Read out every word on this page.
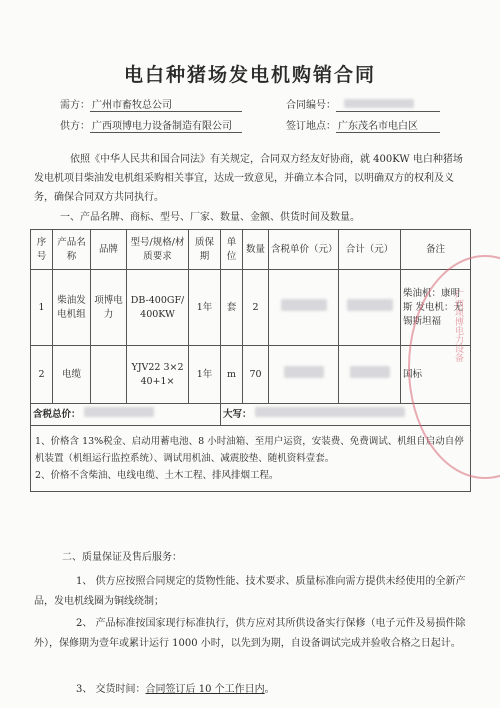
电白种猪场发电机购销合同
需方： 广州市畜牧总公司	合同编号：
供方： 广西项博电力设备制造有限公司	签订地点： 广东茂名市电白区
依照《中华人民共和国合同法》有关规定，合同双方经友好协商，就 400KW 电白种猪场发电机项目柴油发电机组采购相关事宜，达成一致意见，并确立本合同，以明确双方的权利及义务，确保合同双方共同执行。
一、产品名牌、商标、型号、厂家、数量、金额、供货时间及数量。
序号	产品名称	品牌	型号/规格/材质要求	质保期	单位	数量	含税单价（元）	合计（元）	备注
1	柴油发电机组	项博电力	DB-400GF/400KW	1年	套	2			柴油机：康明斯 发电机：无锡斯坦福
2	电缆		YJV22 3×240+1×	1年	m	70			国标
含税总价：					大写：				

1、价格含 13%税金、启动用蓄电池、8 小时油箱、至用户运资，安装费、免费调试、机组自启动自停机装置（机组运行监控系统）、调试用机油、减震胶垫、随机资料壹套。
2、价格不含柴油、电线电缆、土木工程、排风排烟工程。									
广西项博电力设备
二、质量保证及售后服务：
1、 供方应按照合同规定的货物性能、技术要求、质量标准向需方提供未经使用的全新产品，发电机线圈为铜线绕制；
2、 产品标准按国家现行标准执行，供方应对其所供设备实行保修（电子元件及易损件除外），保修期为壹年或累计运行 1000 小时，以先到为期，自设备调试完成并验收合格之日起计。
3、 交货时间：合同签订后 10 个工作日内。
